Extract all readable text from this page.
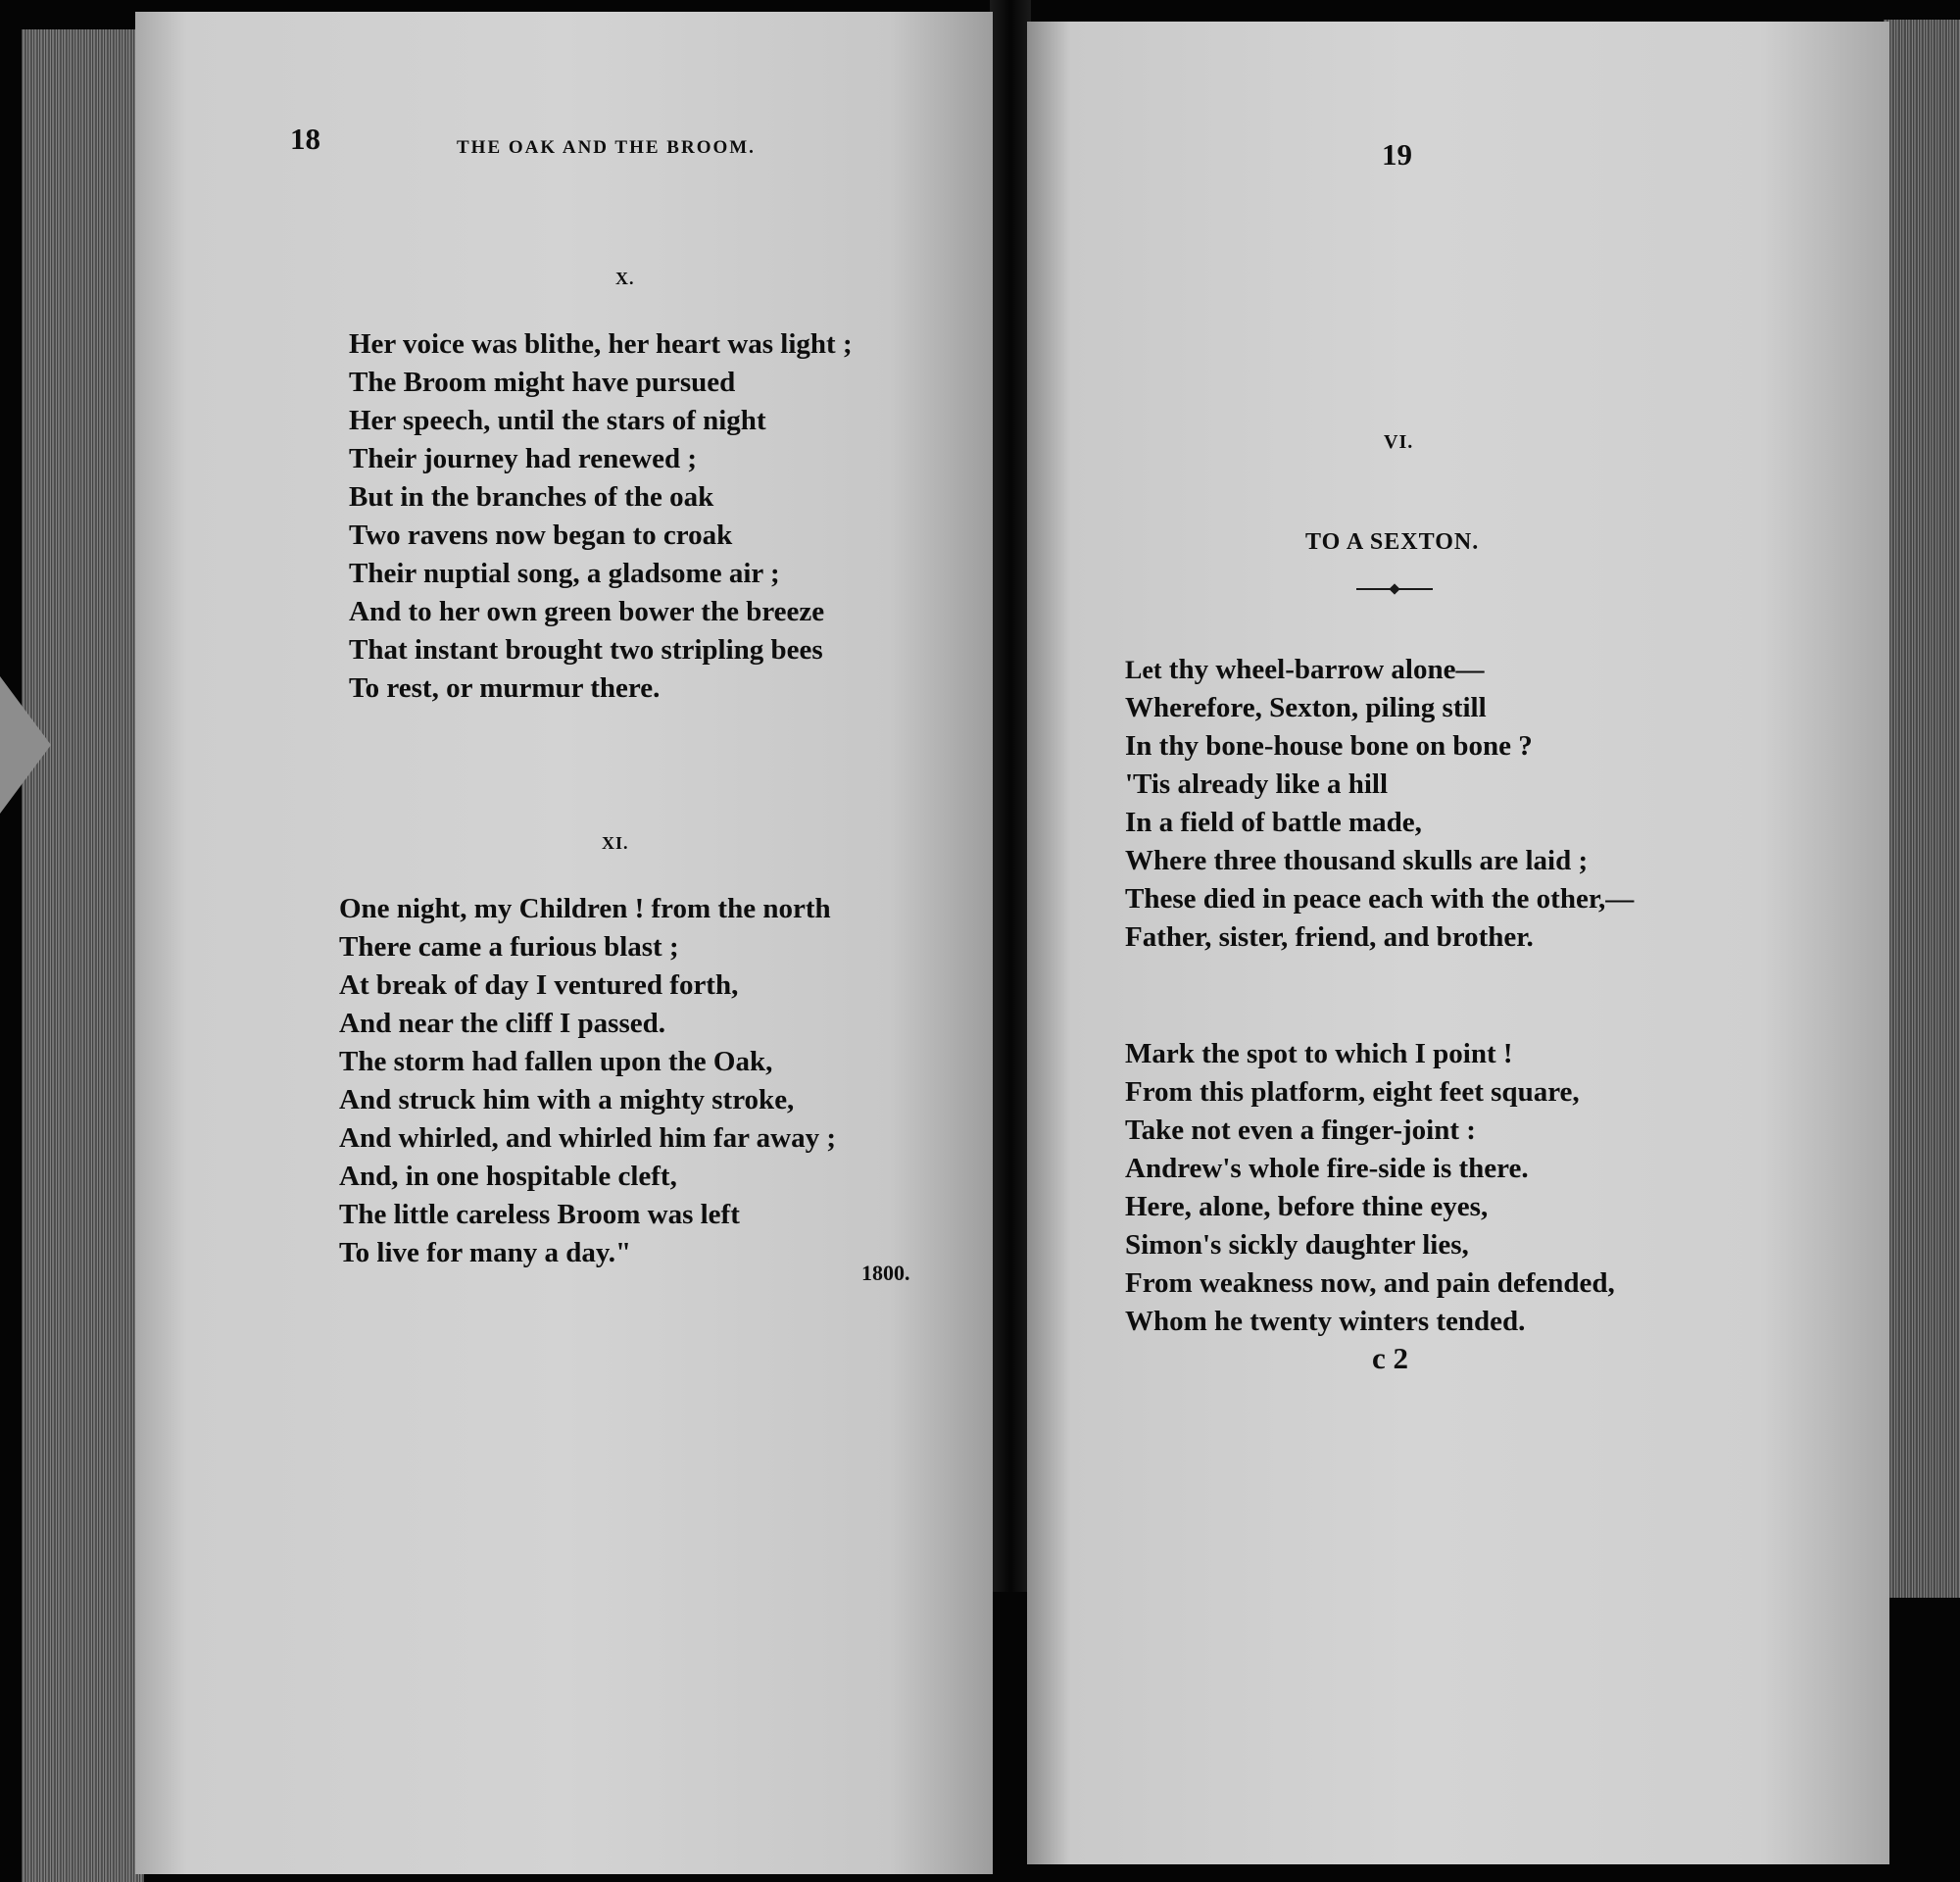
18	THE OAK AND THE BROOM.
X.
Her voice was blithe, her heart was light ;
The Broom might have pursued
Her speech, until the stars of night
Their journey had renewed ;
But in the branches of the oak
Two ravens now began to croak
Their nuptial song, a gladsome air ;
And to her own green bower the breeze
That instant brought two stripling bees
To rest, or murmur there.
XI.
One night, my Children ! from the north
There came a furious blast ;
At break of day I ventured forth,
And near the cliff I passed.
The storm had fallen upon the Oak,
And struck him with a mighty stroke,
And whirled, and whirled him far away ;
And, in one hospitable cleft,
The little careless Broom was left
To live for many a day."
1800.
19
VI.
TO A SEXTON.
Let thy wheel-barrow alone—
Wherefore, Sexton, piling still
In thy bone-house bone on bone ?
'Tis already like a hill
In a field of battle made,
Where three thousand skulls are laid ;
These died in peace each with the other,—
Father, sister, friend, and brother.
Mark the spot to which I point !
From this platform, eight feet square,
Take not even a finger-joint :
Andrew's whole fire-side is there.
Here, alone, before thine eyes,
Simon's sickly daughter lies,
From weakness now, and pain defended,
Whom he twenty winters tended.
c 2
